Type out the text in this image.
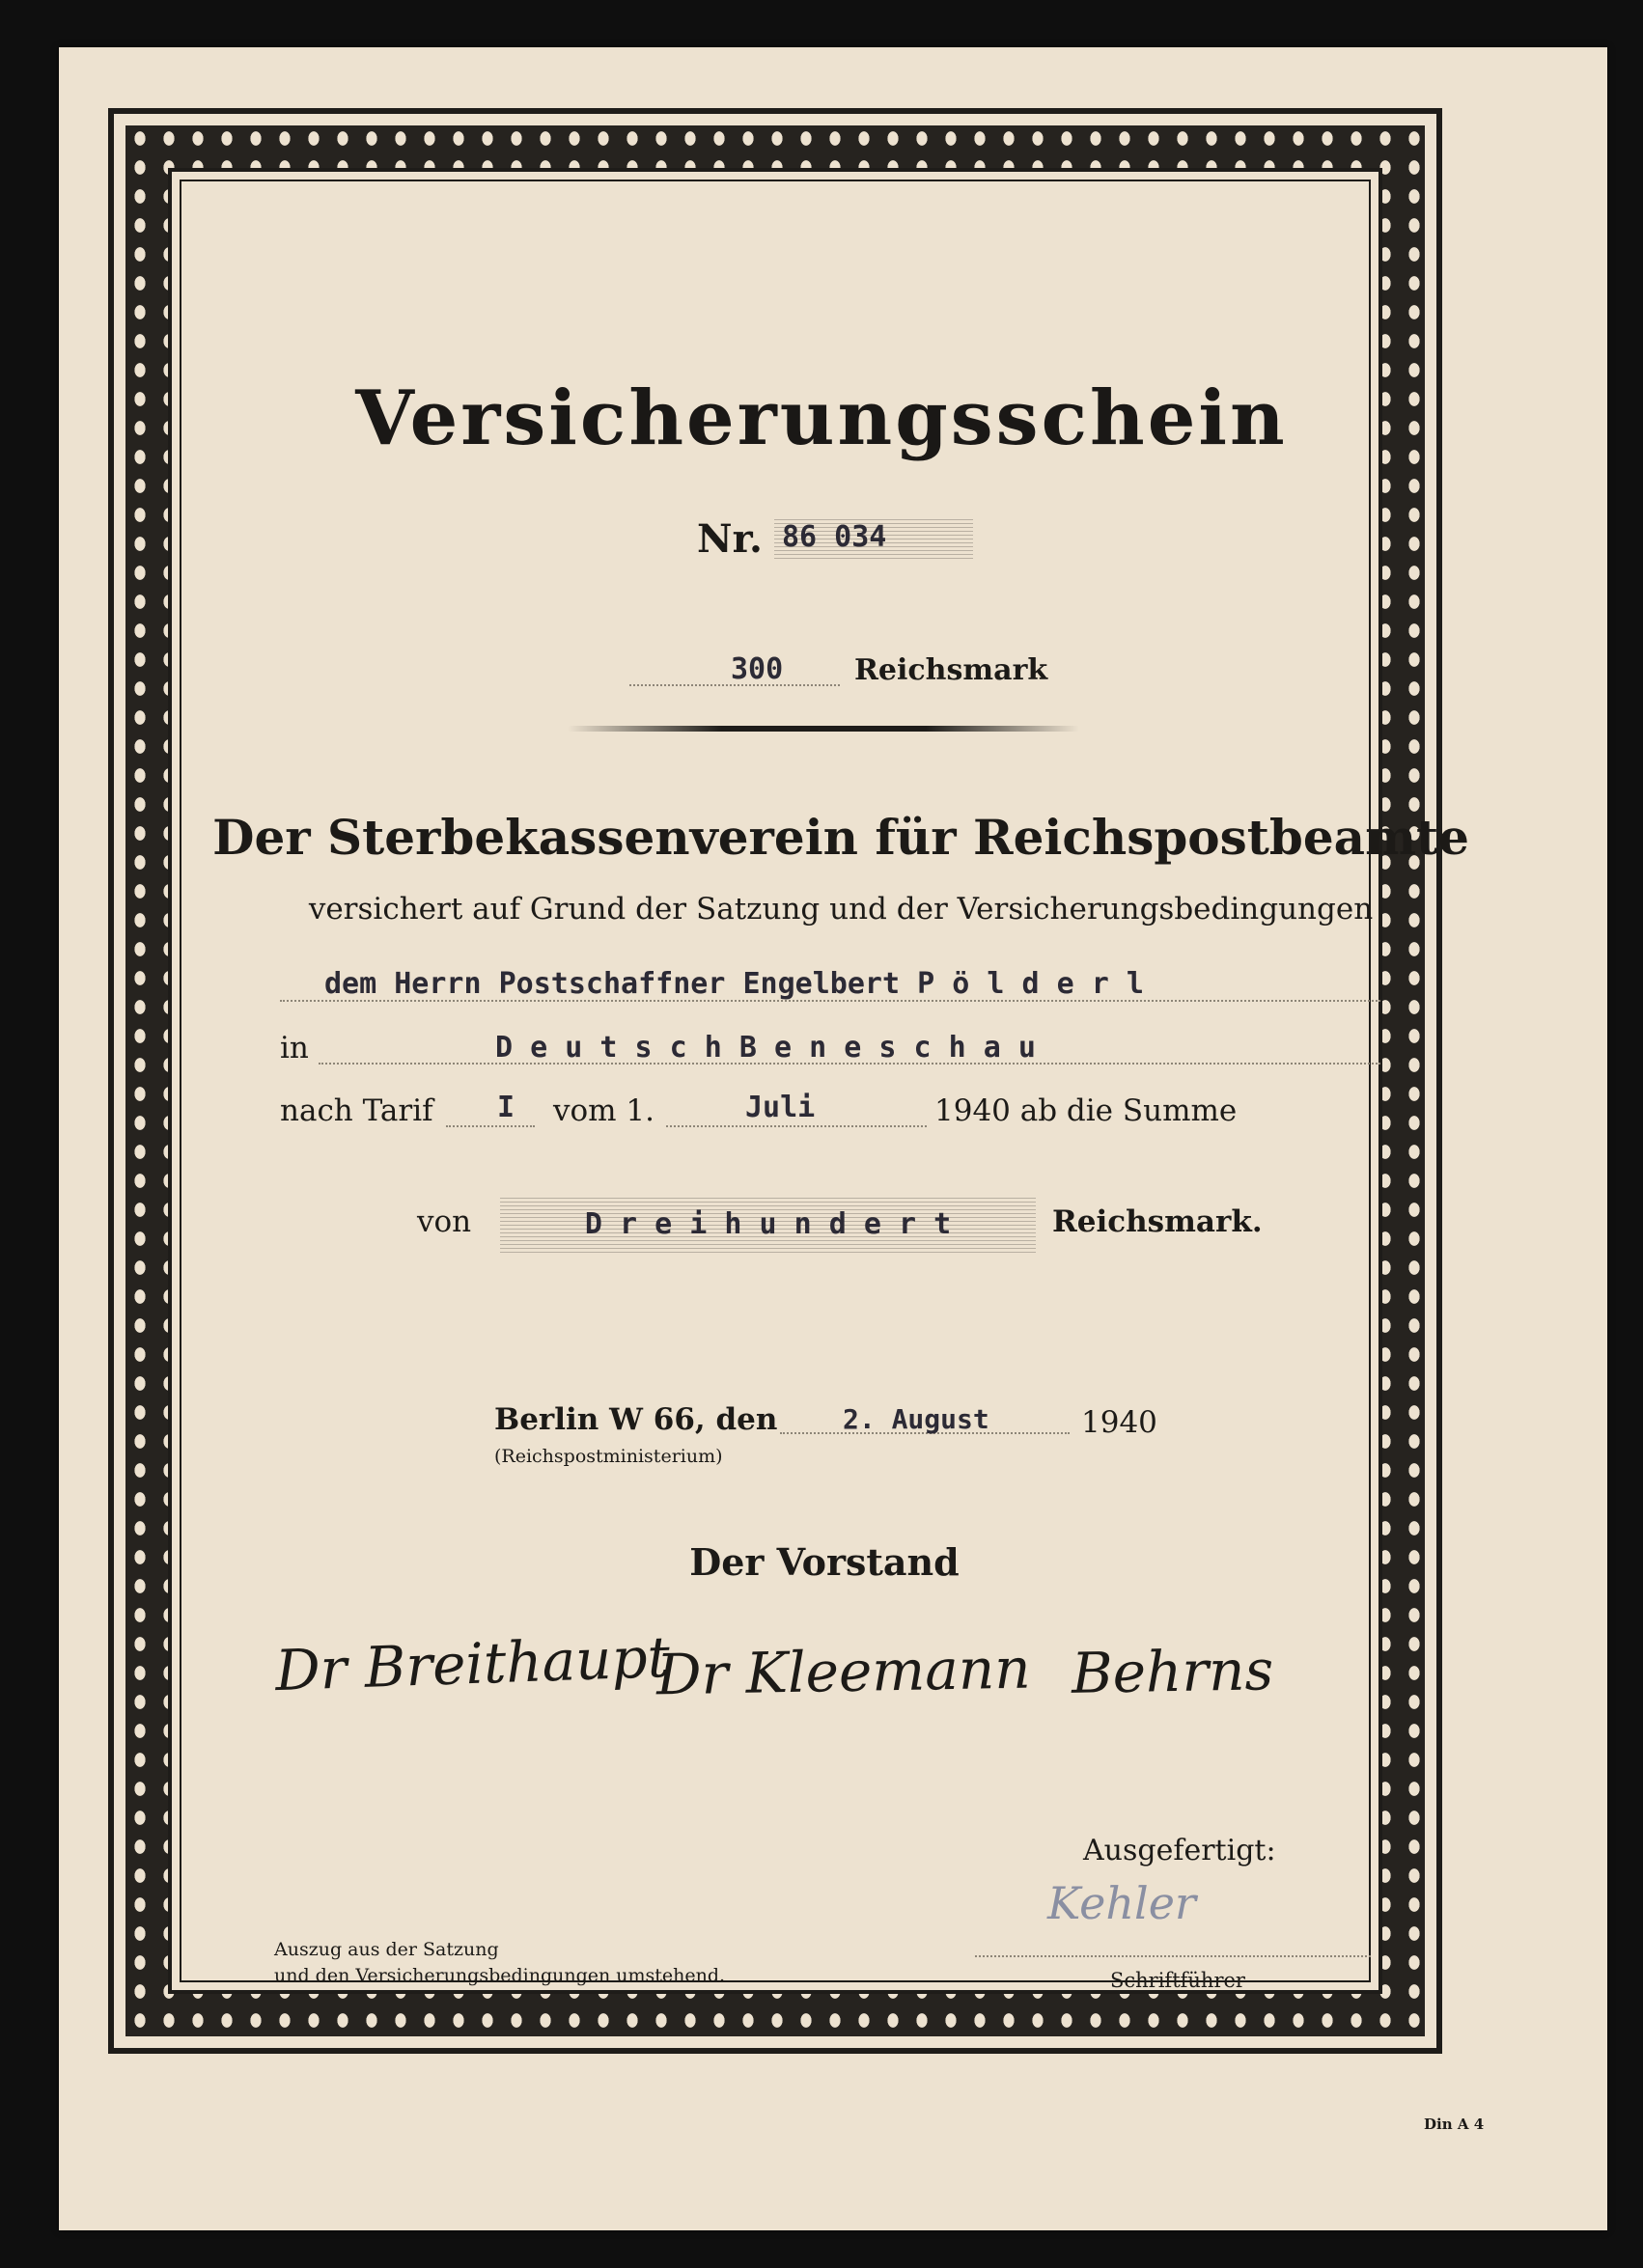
Versicherungsschein
Nr. 86 034
300 Reichsmark
Der Sterbekassenverein für Reichspostbeamte
versichert auf Grund der Satzung und der Versicherungsbedingungen
dem Herrn Postschaffner Engelbert P ö l d e r l
in	D e u t s c h B e n e s c h a u
nach Tarif I vom 1.	Juli	1940 ab die Summe
von	D r e i h u n d e r t	Reichsmark.
Berlin W 66, den 2. August	1940
(Reichspostministerium)
Der Vorstand
Dr Breithaupt
Dr Kleemann Behrns
Ausgefertigt:
Kehler
Schriftführer
Auszug aus der Satzung
und den Versicherungsbedingungen umstehend.
Din A 4
